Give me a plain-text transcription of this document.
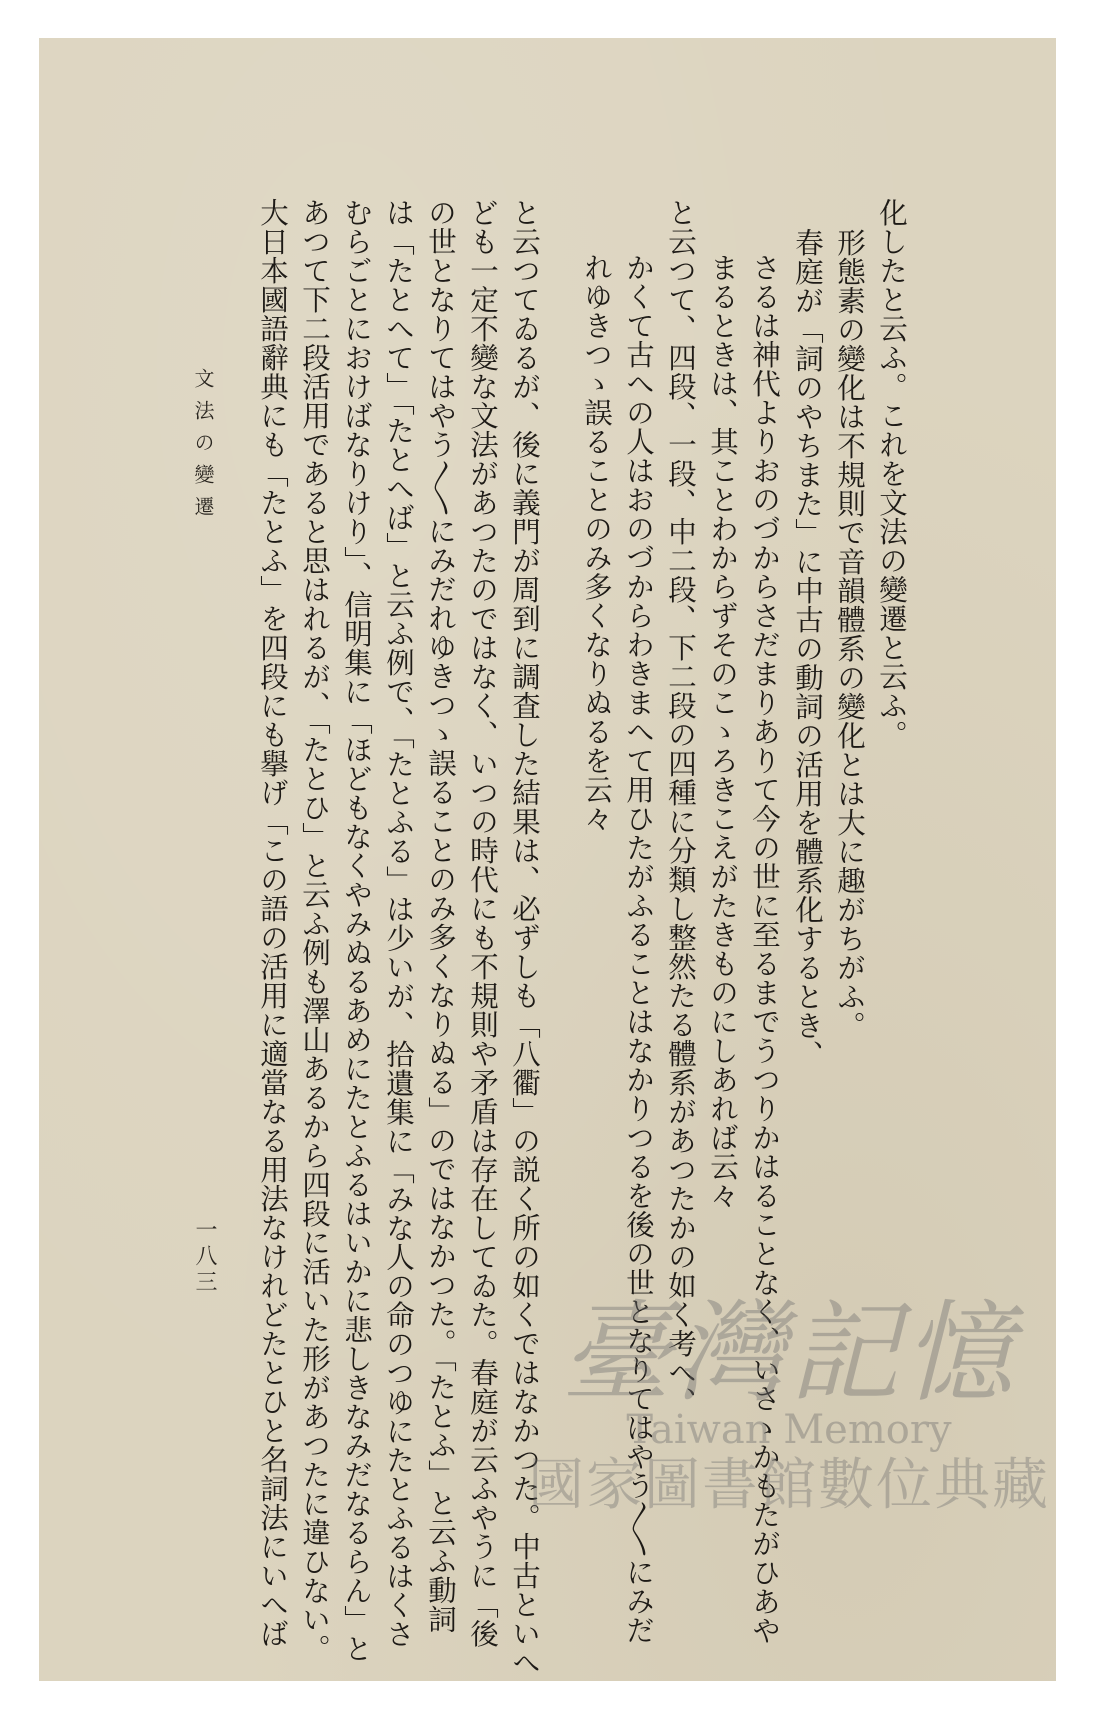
化したと云ふ。これを文法の變遷と云ふ。
形態素の變化は不規則で音韻體系の變化とは大に趣がちがふ。
春庭が「詞のやちまた」に中古の動詞の活用を體系化するとき、
さるは神代よりおのづからさだまりありて今の世に至るまでうつりかはることなく、いさゝかもたがひあや
まるときは、其ことわからずそのこゝろきこえがたきものにしあれば云々
と云つて、四段、一段、中二段、下二段の四種に分類し整然たる體系があつたかの如く考へ、
かくて古への人はおのづからわきまへて用ひたがふることはなかりつるを後の世となりてはやう〳〵にみだ
れゆきつゝ誤ることのみ多くなりぬるを云々
と云つてゐるが、後に義門が周到に調査した結果は、必ずしも「八衢」の説く所の如くではなかつた。中古といへ
ども一定不變な文法があつたのではなく、いつの時代にも不規則や矛盾は存在してゐた。春庭が云ふやうに「後
の世となりてはやう〳〵にみだれゆきつゝ誤ることのみ多くなりぬる」のではなかつた。「たとふ」と云ふ動詞
は「たとへて」「たとへば」と云ふ例で、「たとふる」は少いが、拾遺集に「みな人の命のつゆにたとふるはくさ
むらごとにおけばなりけり」、信明集に「ほどもなくやみぬるあめにたとふるはいかに悲しきなみだなるらん」と
あつて下二段活用であると思はれるが、「たとひ」と云ふ例も澤山あるから四段に活いた形があつたに違ひない。
大日本國語辭典にも「たとふ」を四段にも擧げ「この語の活用に適當なる用法なけれどたとひと名詞法にいへば
文法の變遷
一八三
臺灣記憶
Taiwan Memory
國家圖書館數位典藏
